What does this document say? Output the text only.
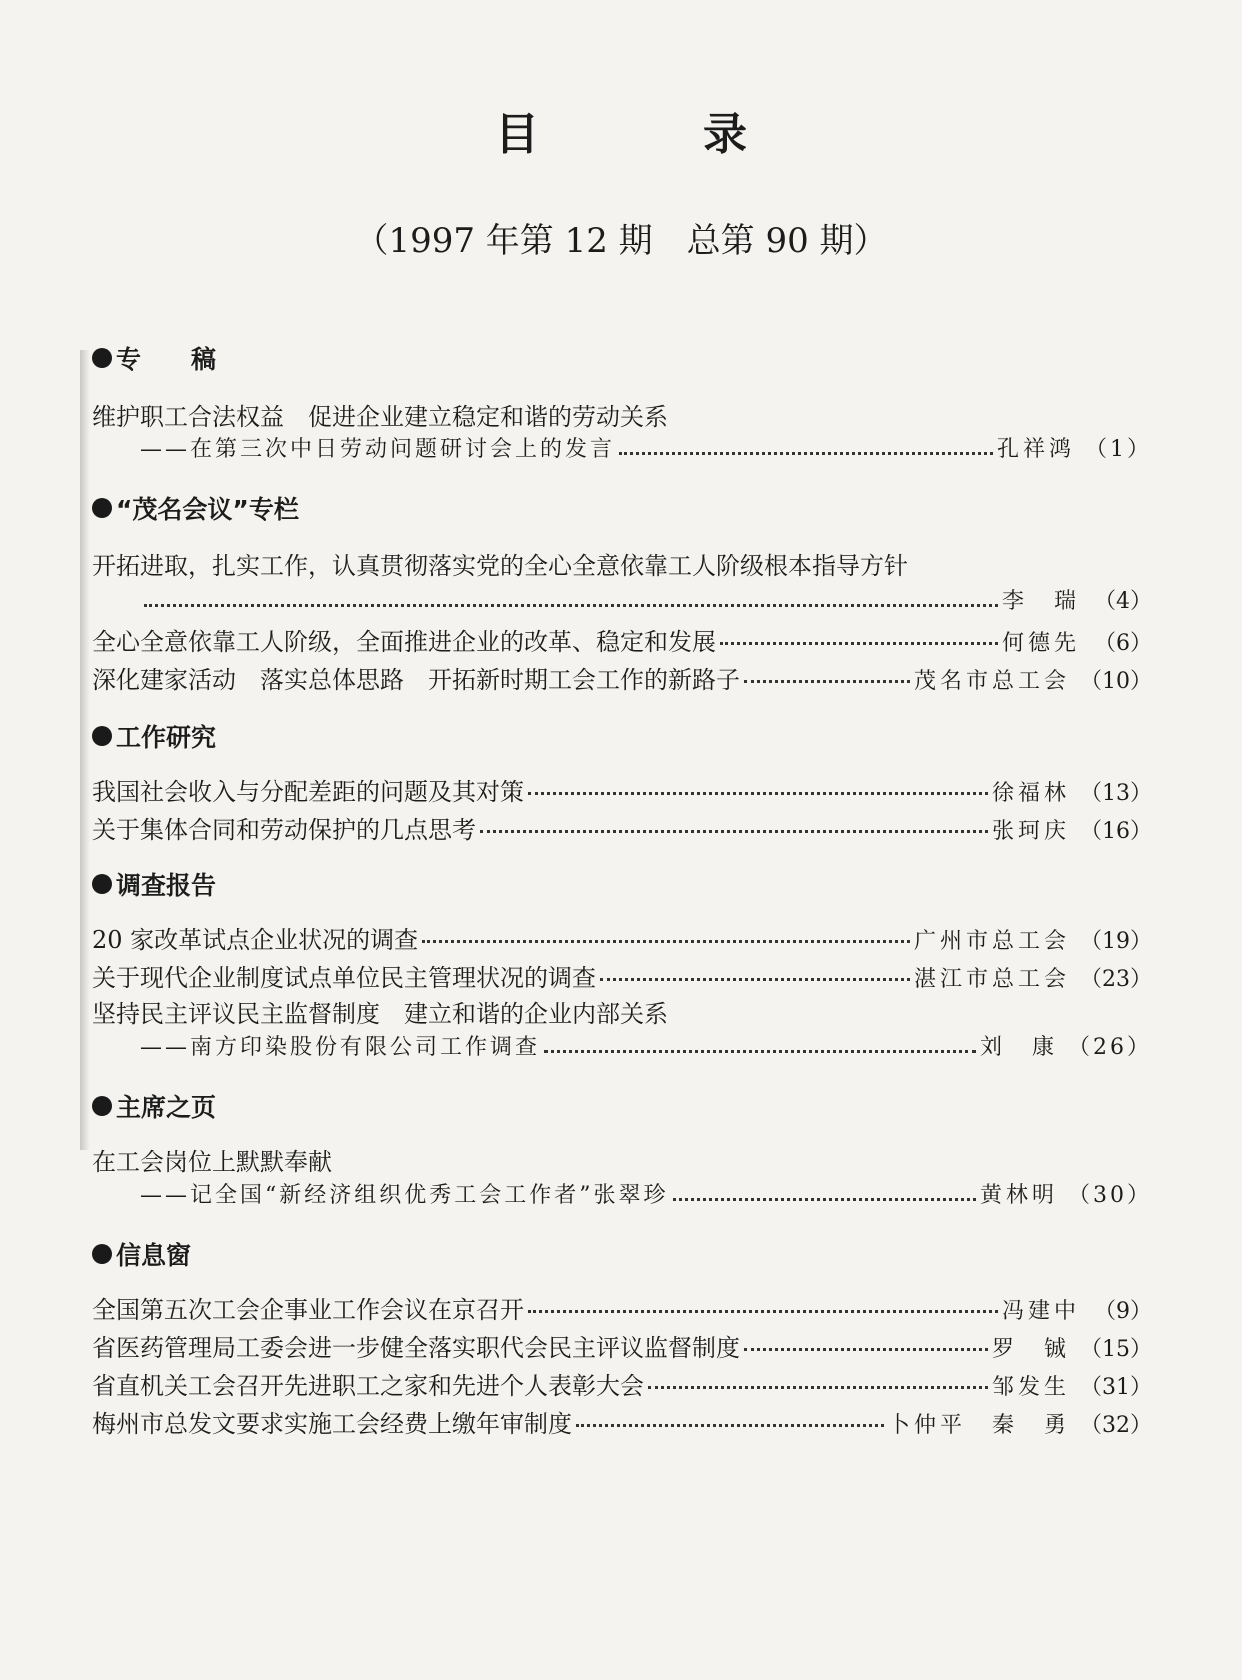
目　录
（1997 年第 12 期　总第 90 期）
专　　稿
维护职工合法权益　促进企业建立稳定和谐的劳动关系
——在第三次中日劳动问题研讨会上的发言	孔祥鸿 （1）
“茂名会议”专栏
开拓进取，扎实工作，认真贯彻落实党的全心全意依靠工人阶级根本指导方针
李　瑞 （4）
全心全意依靠工人阶级，全面推进企业的改革、稳定和发展	何德先 （6）
深化建家活动　落实总体思路　开拓新时期工会工作的新路子	茂名市总工会 （10）
工作研究
我国社会收入与分配差距的问题及其对策	徐福林 （13）
关于集体合同和劳动保护的几点思考	张珂庆 （16）
调查报告
20 家改革试点企业状况的调查	广州市总工会 （19）
关于现代企业制度试点单位民主管理状况的调查	湛江市总工会 （23）
坚持民主评议民主监督制度　建立和谐的企业内部关系
——南方印染股份有限公司工作调查	刘　康 （26）
主席之页
在工会岗位上默默奉献
——记全国“新经济组织优秀工会工作者”张翠珍	黄林明 （30）
信息窗
全国第五次工会企事业工作会议在京召开	冯建中 （9）
省医药管理局工委会进一步健全落实职代会民主评议监督制度	罗　铖 （15）
省直机关工会召开先进职工之家和先进个人表彰大会	邹发生 （31）
梅州市总发文要求实施工会经费上缴年审制度	卜仲平　秦　勇 （32）
